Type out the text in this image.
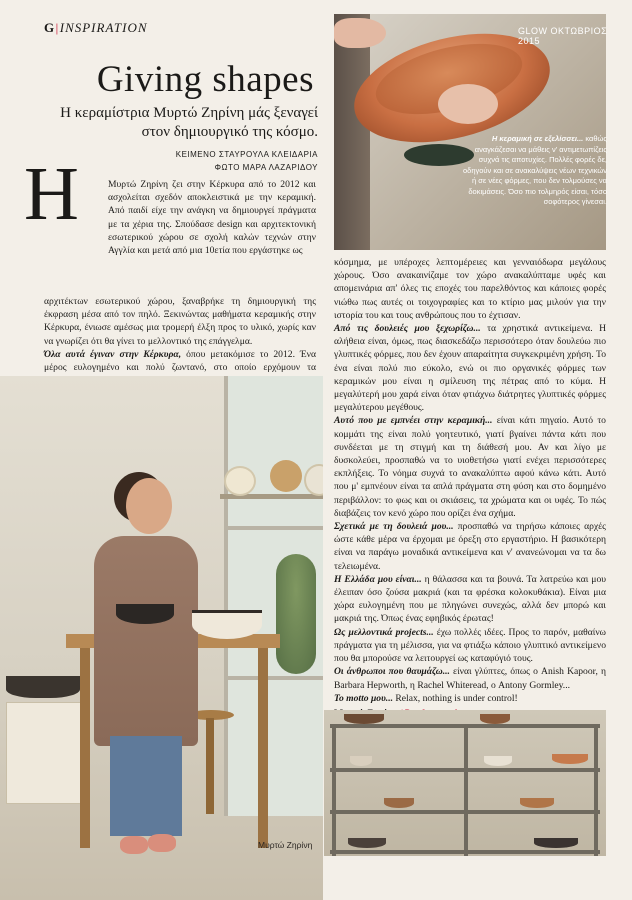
G|INSPIRATION	GLOW ΟΚΤΩΒΡΙΟΣ 2015
Η κεραμική σε εξελίσσει... καθώς αναγκάζεσαι να μάθεις ν' αντιμετωπίζεις συχνά τις αποτυχίες. Πολλές φορές δε, οδηγούν και σε ανακαλύψεις νέων τεχνικών ή σε νέες φόρμες, που δεν τολμούσες να δοκιμάσεις. Όσο πιο τολμηρός είσαι, τόσο σοφότερος γίνεσαι.
Giving shapes
Η κεραμίστρια Μυρτώ Ζηρίνη μάς ξεναγεί στον δημιουργικό της κόσμο.
ΚΕΙΜΕΝΟ ΣΤΑΥΡΟΥΛΑ ΚΛΕΙΔΑΡΙΑ
ΦΩΤΟ ΜΑΡΑ ΛΑΖΑΡΙΔΟΥ
Η	Μυρτώ Ζηρίνη ζει στην Κέρκυρα από το 2012 και ασχολείται σχεδόν αποκλειστικά με την κεραμική. Από παιδί είχε την ανάγκη να δημιουργεί πράγματα με τα χέρια της. Σπούδασε design και αρχιτεκτονική εσωτερικού χώρου σε σχολή καλών τεχνών στην Αγγλία και μετά από μια 10ετία που εργάστηκε ως

αρχιτέκτων εσωτερικού χώρου, ξαναβρήκε τη δημιουργική της έκφραση μέσα από τον πηλό. Ξεκινώντας μαθήματα κεραμικής στην Κέρκυρα, ένιωσε αμέσως μια τρομερή έλξη προς το υλικό, χωρίς καν να γνωρίζει ότι θα γίνει το μελλοντικό της επάγγελμα.

Όλα αυτά έγιναν στην Κέρκυρα, όπου μετακόμισε το 2012. Ένα μέρος ευλογημένο και πολύ ζωντανό, στο οποίο ερχόμουν τα

Μυρτώ Ζηρίνη

κόσμημα, με υπέροχες λεπτομέρειες και γενναιόδωρα μεγάλους χώρους. Όσο ανακαινίζαμε τον χώρο ανακαλύπταμε υφές και απομεινάρια απ' όλες τις εποχές του παρελθόντος και κάποιες φορές νιώθω πως αυτές οι τοιχογραφίες και το κτίριο μας μιλούν για την ιστορία του και τους ανθρώπους που το έχτισαν.

Από τις δουλειές μου ξεχωρίζω... τα χρηστικά αντικείμενα. Η αλήθεια είναι, όμως, πως διασκεδάζω περισσότερο όταν δουλεύω πιο γλυπτικές φόρμες, που δεν έχουν απαραίτητα συγκεκριμένη χρήση. Το ένα είναι πολύ πιο εύκολο, ενώ οι πιο οργανικές φόρμες των κεραμικών μου είναι η σμίλευση της πέτρας από το κύμα. Η μεγαλύτερή μου χαρά είναι όταν φτιάχνω διάτρητες γλυπτικές φόρμες μεγαλύτερου μεγέθους.

Αυτό που με εμπνέει στην κεραμική... είναι κάτι πηγαίο. Αυτό το κομμάτι της είναι πολύ γοητευτικό, γιατί βγαίνει πάντα κάτι που συνδέεται με τη στιγμή και τη διάθεσή μου. Αν και λίγο με δυσκολεύει, προσπαθώ να το υιοθετήσω γιατί ενέχει περισσότερες εκπλήξεις. Το νόημα συχνά το ανακαλύπτω αφού κάνω κάτι. Αυτό που μ' εμπνέουν είναι τα απλά πράγματα στη φύση και στο δομημένο περιβάλλον: το φως και οι σκιάσεις, τα χρώματα και οι υφές. Το πώς διαβάζεις τον κενό χώρο που ορίζει ένα σχήμα.

Σχετικά με τη δουλειά μου... προσπαθώ να τηρήσω κάποιες αρχές ώστε κάθε μέρα να έρχομαι με όρεξη στο εργαστήριο. Η βασικότερη είναι να παράγω μοναδικά αντικείμενα και ν' ανανεώνομαι να τα δω τελειωμένα.

Η Ελλάδα μου είναι... η θάλασσα και τα βουνά. Τα λατρεύω και μου έλειπαν όσο ζούσα μακριά (και τα φρέσκα κολοκυθάκια). Είναι μια χώρα ευλογημένη που με πληγώνει συνεχώς, αλλά δεν μπορώ και μακριά της. Όπως ένας εφηβικός έρωτας!

Ως μελλοντικά projects... έχω πολλές ιδέες. Προς το παρόν, μαθαίνω πράγματα για τη μέλισσα, για να φτιάξω κάποιο γλυπτικό αντικείμενο που θα μπορούσε να λειτουργεί ως καταφύγιό τους.

Οι άνθρωποι που θαυμάζω... είναι γλύπτες, όπως ο Anish Kapoor, η Barbara Hepworth, η Rachel Whiteread, ο Antony Gormley...

To motto μου... Relax, nothing is under control!
